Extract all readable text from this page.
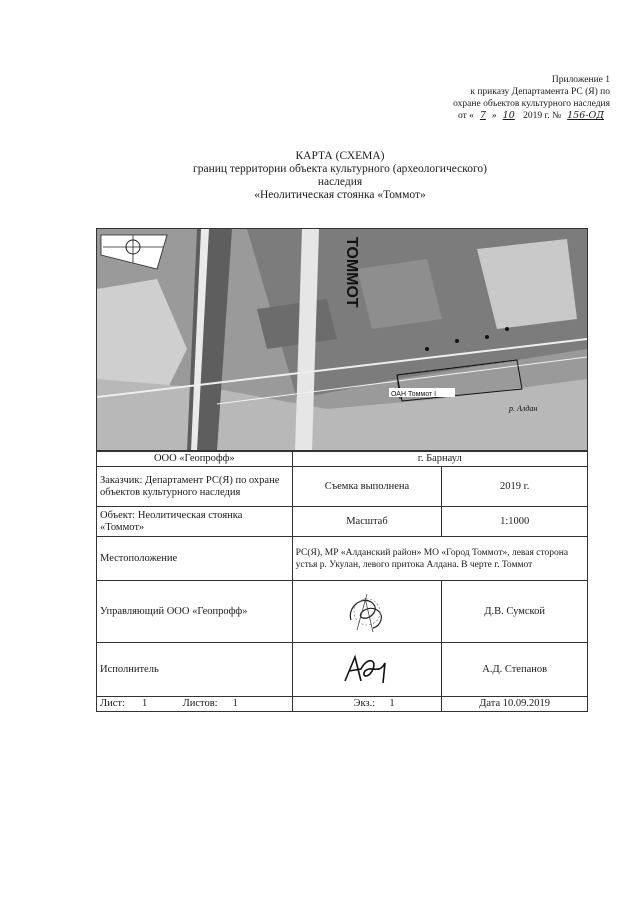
Приложение 1
к приказу Департамента РС (Я) по
охране объектов культурного наследия
от « 7 » 10 2019 г. № 156-ОД
КАРТА (СХЕМА)
границ территории объекта культурного (археологического)
наследия
«Неолитическая стоянка «Томмот»
ТОММОТ
ОАН Томмот I
р. Алдан
ООО «Геопрофф»	г. Барнаул	
Заказчик: Департамент РС(Я) по охране объектов культурного наследия	Съемка выполнена	2019 г.
Объект: Неолитическая стоянка «Томмот»	Масштаб	1:1000
Местоположение	РС(Я), МР «Алданский район» МО «Город Томмот», левая сторона устья р. Укулан, левого притока Алдана. В черте г. Томмот	
Управляющий ООО «Геопрофф»		Д.В. Сумской
Исполнитель		А.Д. Степанов
Лист: 1 Листов: 1	Экз.: 1	Дата 10.09.2019
